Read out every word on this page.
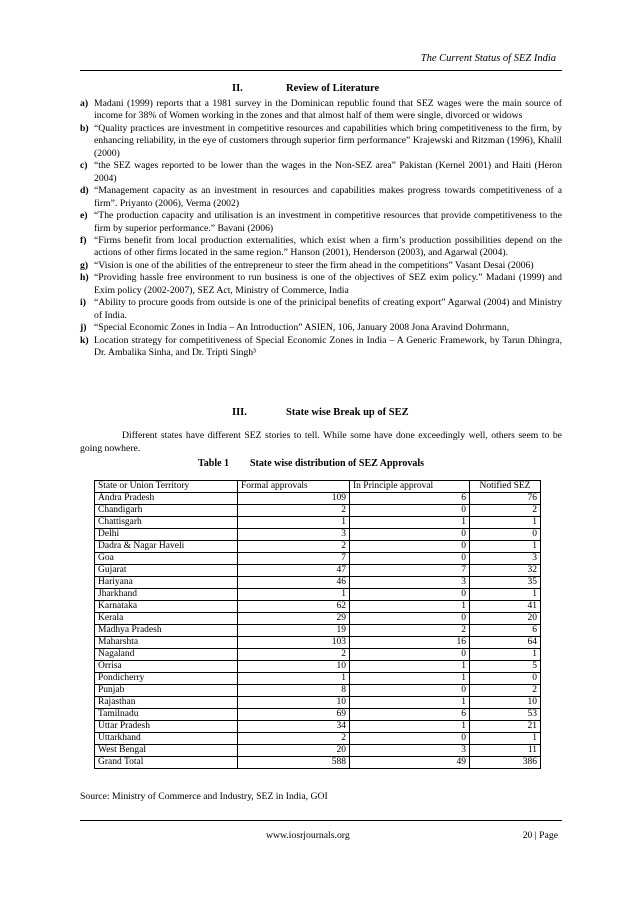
The Current Status of SEZ India
II.	Review of Literature
a) Madani (1999) reports that a 1981 survey in the Dominican republic found that SEZ wages were the main source of income for 38% of Women working in the zones and that almost half of them were single, divorced or widows
b) “Quality practices are investment in competitive resources and capabilities which bring competitiveness to the firm, by enhancing reliability, in the eye of customers through superior firm performance” Krajewski and Ritzman (1996), Khalil (2000)
c) “the SEZ wages reported to be lower than the wages in the Non-SEZ area” Pakistan (Kernel 2001) and Haiti (Heron 2004)
d) “Management capacity as an investment in resources and capabilities makes progress towards competitiveness of a firm”. Priyanto (2006), Verma (2002)
e) “The production capacity and utilisation is an investment in competitive resources that provide competitiveness to the firm by superior performance.” Bavani (2006)
f) “Firms benefit from local production externalities, which exist when a firm’s production possibilities depend on the actions of other firms located in the same region.” Hanson (2001), Henderson (2003), and Agarwal (2004).
g) “Vision is one of the abilities of the entrepreneur to steer the firm ahead in the competitions” Vasant Desai (2006)
h) “Providing hassle free environment to run business is one of the objectives of SEZ exim policy.” Madani (1999) and Exim policy (2002-2007), SEZ Act, Ministry of Commerce, India
i) “Ability to procure goods from outside is one of the prinicipal benefits of creating export” Agarwal (2004) and Ministry of India.
j) “Special Economic Zones in India – An Introduction” ASIEN, 106, January 2008 Jona Aravind Dohrmann,
k) Location strategy for competitiveness of Special Economic Zones in India – A Generic Framework, by Tarun Dhingra, Dr. Ambalika Sinha, and Dr. Tripti Singh³
III.	State wise Break up of SEZ
Different states have different SEZ stories to tell. While some have done exceedingly well, others seem to be going nowhere.
Table 1 State wise distribution of SEZ Approvals
State or Union Territory	Formal approvals	In Principle approval	Notified SEZ
Andra Pradesh	109	6	76
Chandigarh	2	0	2
Chattisgarh	1	1	1
Delhi	3	0	0
Dadra & Nagar Haveli	2	0	1
Goa	7	0	3
Gujarat	47	7	32
Hariyana	46	3	35
Jharkhand	1	0	1
Karnataka	62	1	41
Kerala	29	0	20
Madhya Pradesh	19	2	6
Maharshta	103	16	64
Nagaland	2	0	1
Orrisa	10	1	5
Pondicherry	1	1	0
Punjab	8	0	2
Rajasthan	10	1	10
Tamilnadu	69	6	53
Uttar Pradesh	34	1	21
Uttarkhand	2	0	1
West Bengal	20	3	11
Grand Total	588	49	386
Source: Ministry of Commerce and Industry, SEZ in India, GOI
www.iosrjournals.org	20 | Page
